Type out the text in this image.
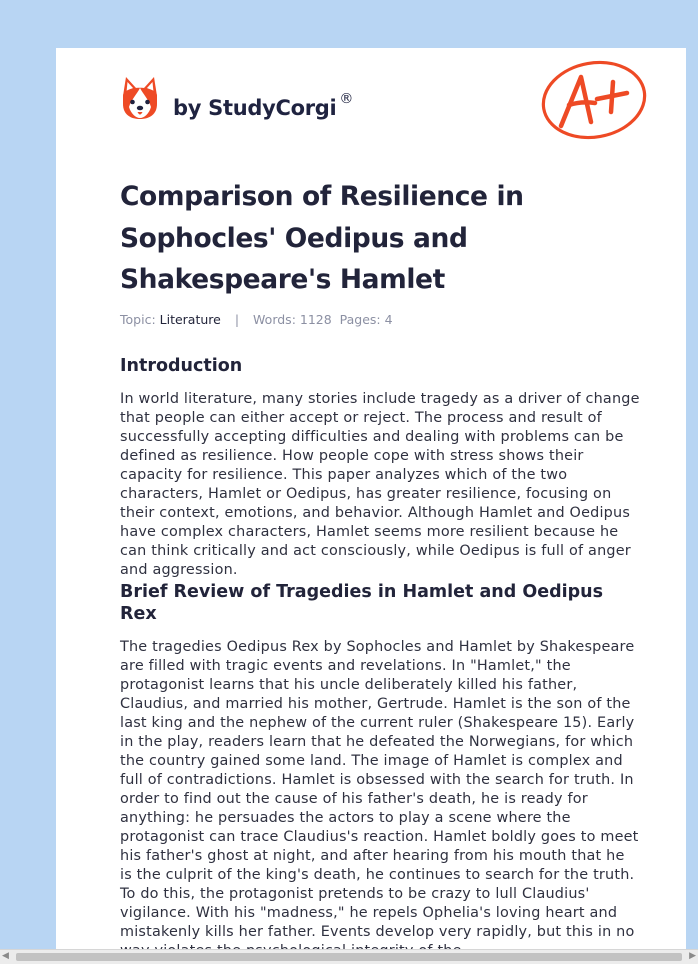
by StudyCorgi ®
Comparison of Resilience in Sophocles' Oedipus and Shakespeare's Hamlet
Topic: Literature | Words: 1128 Pages: 4
Introduction

In world literature, many stories include tragedy as a driver of change that people can either accept or reject. The process and result of successfully accepting difficulties and dealing with problems can be defined as resilience. How people cope with stress shows their capacity for resilience. This paper analyzes which of the two characters, Hamlet or Oedipus, has greater resilience, focusing on their context, emotions, and behavior. Although Hamlet and Oedipus have complex characters, Hamlet seems more resilient because he can think critically and act consciously, while Oedipus is full of anger and aggression.

Brief Review of Tragedies in Hamlet and Oedipus Rex

The tragedies Oedipus Rex by Sophocles and Hamlet by Shakespeare are filled with tragic events and revelations. In "Hamlet," the protagonist learns that his uncle deliberately killed his father, Claudius, and married his mother, Gertrude. Hamlet is the son of the last king and the nephew of the current ruler (Shakespeare 15). Early in the play, readers learn that he defeated the Norwegians, for which the country gained some land. The image of Hamlet is complex and full of contradictions. Hamlet is obsessed with the search for truth. In order to find out the cause of his father's death, he is ready for anything: he persuades the actors to play a scene where the protagonist can trace Claudius's reaction. Hamlet boldly goes to meet his father's ghost at night, and after hearing from his mouth that he is the culprit of the king's death, he continues to search for the truth. To do this, the protagonist pretends to be crazy to lull Claudius' vigilance. With his "madness," he repels Ophelia's loving heart and mistakenly kills her father. Events develop very rapidly, but this in no

◀	▶
